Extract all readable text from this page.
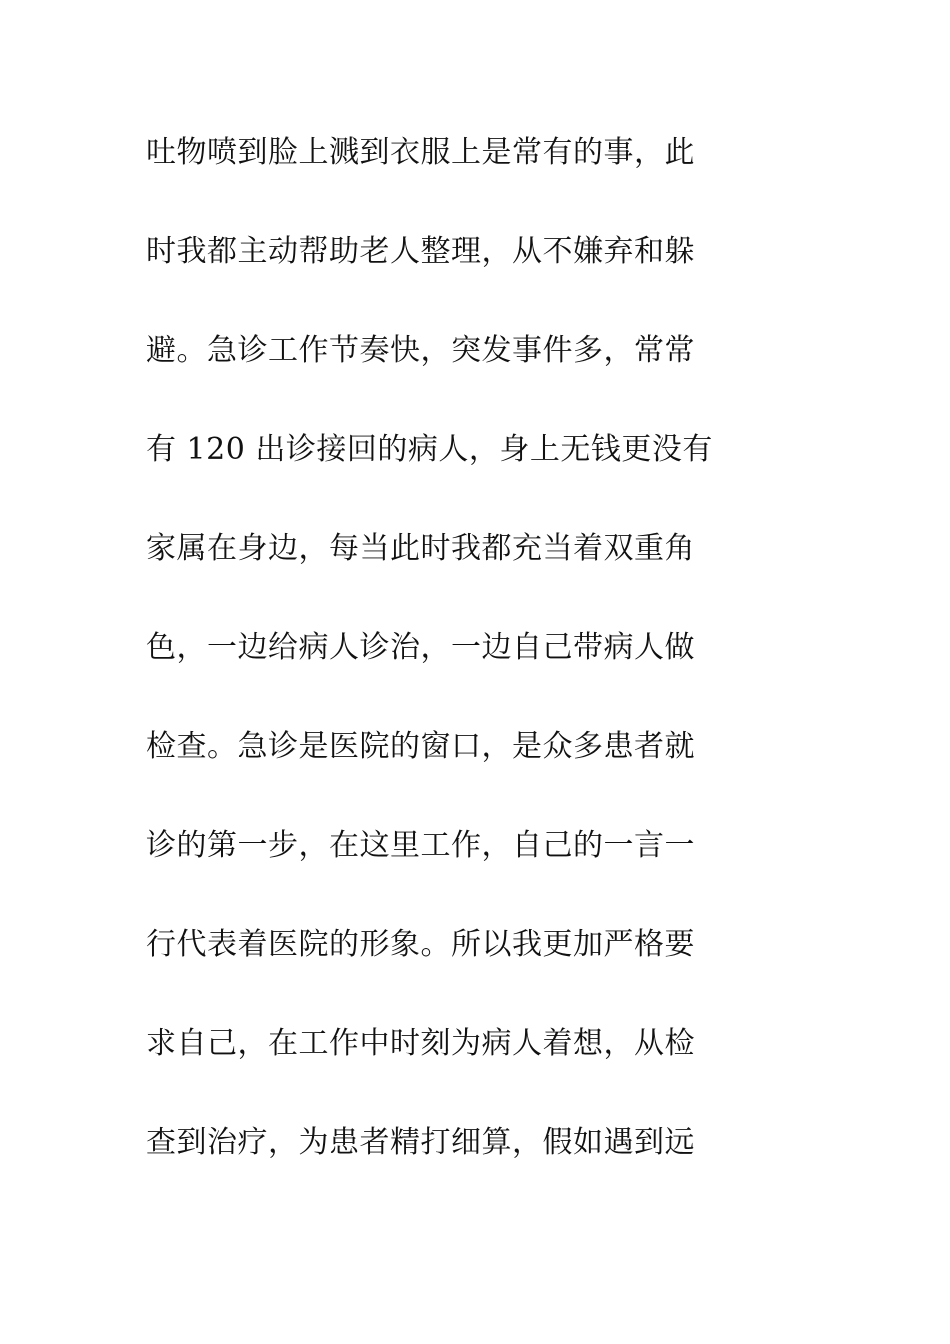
吐物喷到脸上溅到衣服上是常有的事，此
时我都主动帮助老人整理，从不嫌弃和躲
避。急诊工作节奏快，突发事件多，常常
有 120 出诊接回的病人，身上无钱更没有
家属在身边，每当此时我都充当着双重角
色，一边给病人诊治，一边自己带病人做
检查。急诊是医院的窗口，是众多患者就
诊的第一步，在这里工作，自己的一言一
行代表着医院的形象。所以我更加严格要
求自己，在工作中时刻为病人着想，从检
查到治疗，为患者精打细算，假如遇到远
